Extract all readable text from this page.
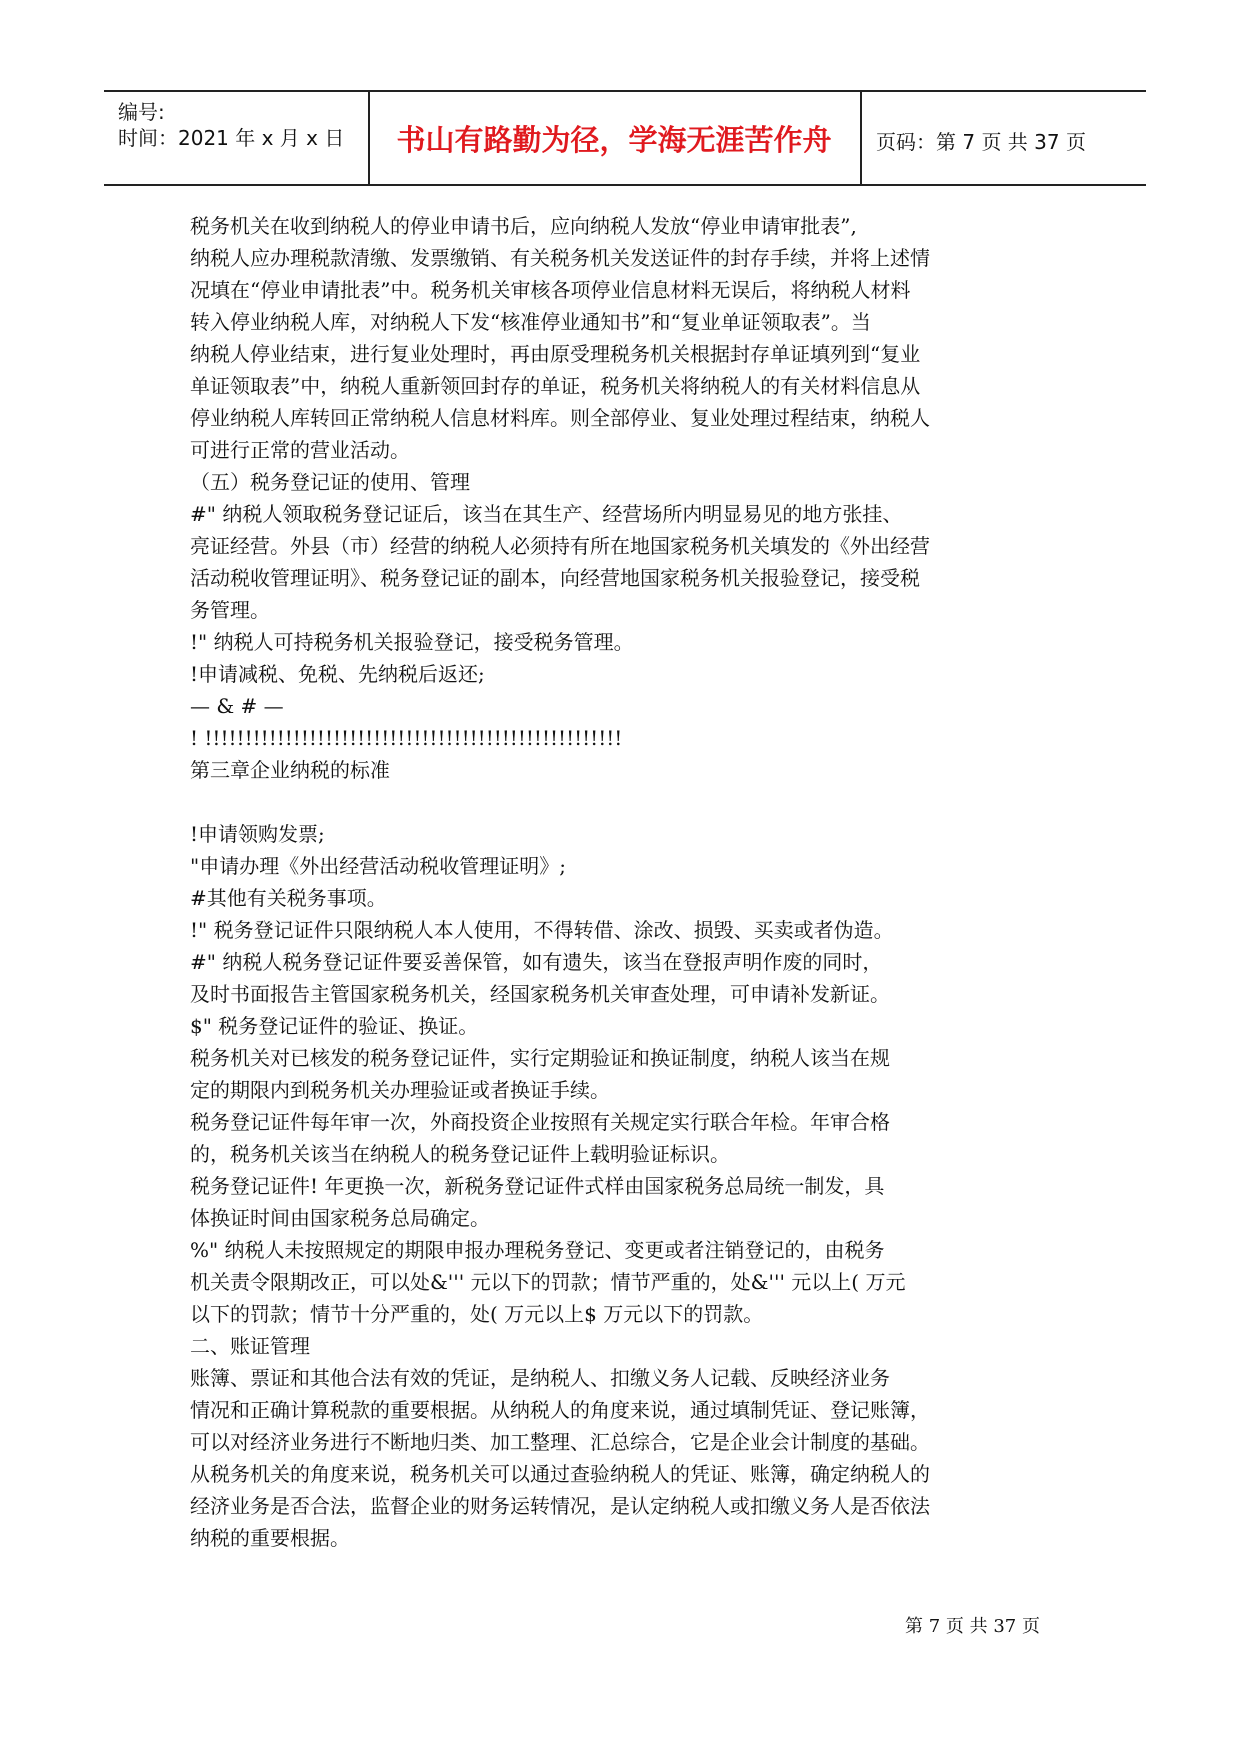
编号:
时间：2021 年 x 月 x 日	书山有路勤为径，学海无涯苦作舟	页码：第 7 页 共 37 页
税务机关在收到纳税人的停业申请书后，应向纳税人发放“停业申请审批表”,
纳税人应办理税款清缴、发票缴销、有关税务机关发送证件的封存手续，并将上述情
况填在“停业申请批表”中。税务机关审核各项停业信息材料无误后，将纳税人材料
转入停业纳税人库，对纳税人下发“核准停业通知书”和“复业单证领取表”。当
纳税人停业结束，进行复业处理时，再由原受理税务机关根据封存单证填列到“复业
单证领取表”中，纳税人重新领回封存的单证，税务机关将纳税人的有关材料信息从
停业纳税人库转回正常纳税人信息材料库。则全部停业、复业处理过程结束，纳税人
可进行正常的营业活动。
（五）税务登记证的使用、管理
#" 纳税人领取税务登记证后，该当在其生产、经营场所内明显易见的地方张挂、
亮证经营。外县（市）经营的纳税人必须持有所在地国家税务机关填发的《外出经营
活动税收管理证明》、税务登记证的副本，向经营地国家税务机关报验登记，接受税
务管理。
!" 纳税人可持税务机关报验登记，接受税务管理。
!申请减税、免税、先纳税后返还;
— & # —
! !!!!!!!!!!!!!!!!!!!!!!!!!!!!!!!!!!!!!!!!!!!!!!!!!!!!
第三章企业纳税的标准
!申请领购发票;
"申请办理《外出经营活动税收管理证明》;
#其他有关税务事项。
!" 税务登记证件只限纳税人本人使用，不得转借、涂改、损毁、买卖或者伪造。
#" 纳税人税务登记证件要妥善保管，如有遗失，该当在登报声明作废的同时，
及时书面报告主管国家税务机关，经国家税务机关审查处理，可申请补发新证。
$" 税务登记证件的验证、换证。
税务机关对已核发的税务登记证件，实行定期验证和换证制度，纳税人该当在规
定的期限内到税务机关办理验证或者换证手续。
税务登记证件每年审一次，外商投资企业按照有关规定实行联合年检。年审合格
的，税务机关该当在纳税人的税务登记证件上载明验证标识。
税务登记证件! 年更换一次，新税务登记证件式样由国家税务总局统一制发，具
体换证时间由国家税务总局确定。
%" 纳税人未按照规定的期限申报办理税务登记、变更或者注销登记的，由税务
机关责令限期改正，可以处&''' 元以下的罚款；情节严重的，处&''' 元以上( 万元
以下的罚款；情节十分严重的，处( 万元以上$ 万元以下的罚款。
二、账证管理
账簿、票证和其他合法有效的凭证，是纳税人、扣缴义务人记载、反映经济业务
情况和正确计算税款的重要根据。从纳税人的角度来说，通过填制凭证、登记账簿，
可以对经济业务进行不断地归类、加工整理、汇总综合，它是企业会计制度的基础。
从税务机关的角度来说，税务机关可以通过查验纳税人的凭证、账簿，确定纳税人的
经济业务是否合法，监督企业的财务运转情况，是认定纳税人或扣缴义务人是否依法
纳税的重要根据。
第 7 页 共 37 页
